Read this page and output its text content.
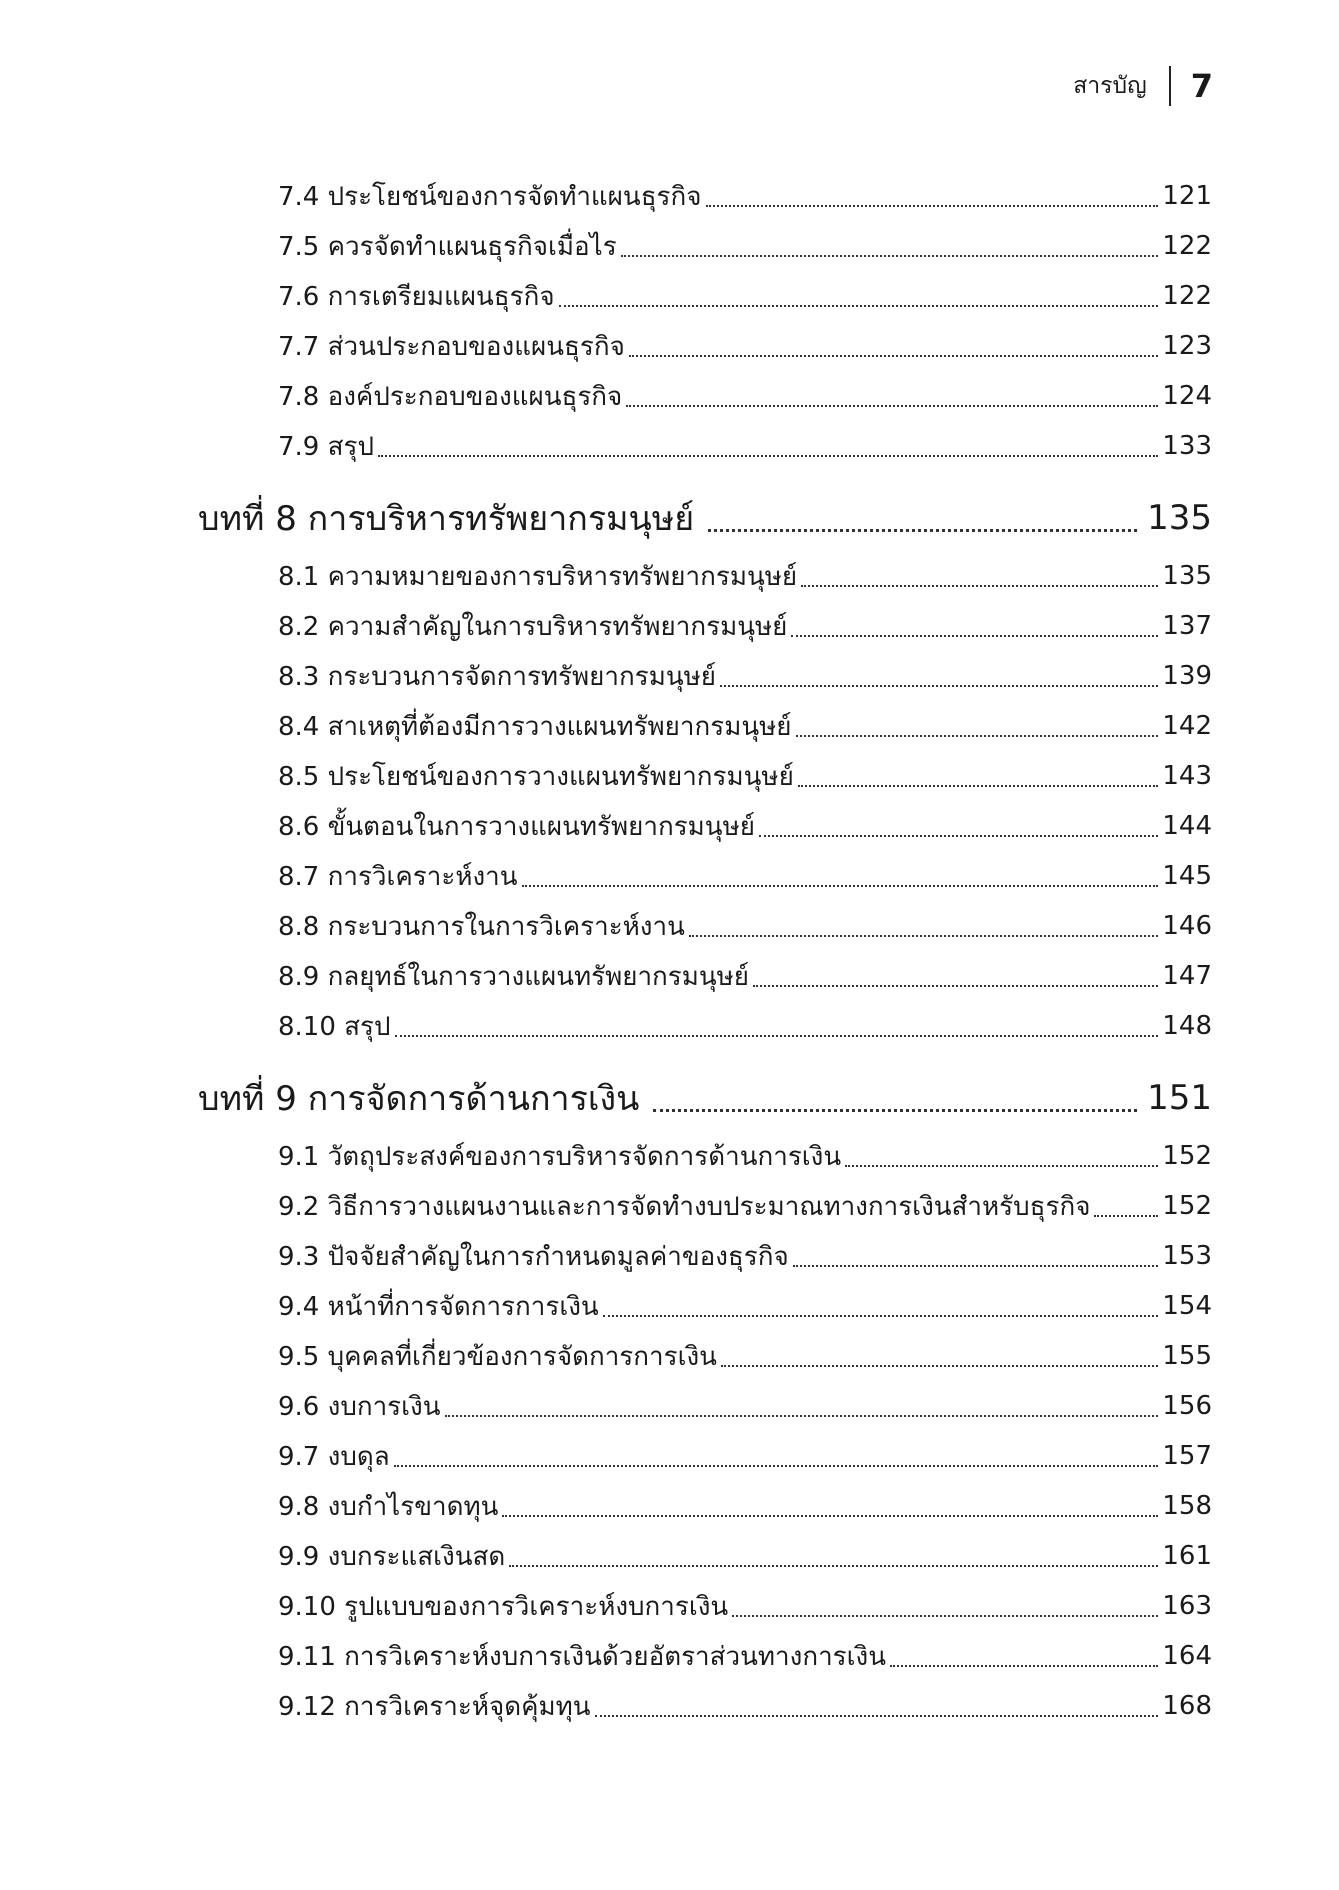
สารบัญ 7
7.4 ประโยชน์ของการจัดทำแผนธุรกิจ	121
7.5 ควรจัดทำแผนธุรกิจเมื่อไร	122
7.6 การเตรียมแผนธุรกิจ	122
7.7 ส่วนประกอบของแผนธุรกิจ	123
7.8 องค์ประกอบของแผนธุรกิจ	124
7.9 สรุป	133
บทที่ 8 การบริหารทรัพยากรมนุษย์	135
8.1 ความหมายของการบริหารทรัพยากรมนุษย์	135
8.2 ความสำคัญในการบริหารทรัพยากรมนุษย์	137
8.3 กระบวนการจัดการทรัพยากรมนุษย์	139
8.4 สาเหตุที่ต้องมีการวางแผนทรัพยากรมนุษย์	142
8.5 ประโยชน์ของการวางแผนทรัพยากรมนุษย์	143
8.6 ขั้นตอนในการวางแผนทรัพยากรมนุษย์	144
8.7 การวิเคราะห์งาน	145
8.8 กระบวนการในการวิเคราะห์งาน	146
8.9 กลยุทธ์ในการวางแผนทรัพยากรมนุษย์	147
8.10 สรุป	148
บทที่ 9 การจัดการด้านการเงิน	151
9.1 วัตถุประสงค์ของการบริหารจัดการด้านการเงิน	152
9.2 วิธีการวางแผนงานและการจัดทำงบประมาณทางการเงินสำหรับธุรกิจ	152
9.3 ปัจจัยสำคัญในการกำหนดมูลค่าของธุรกิจ	153
9.4 หน้าที่การจัดการการเงิน	154
9.5 บุคคลที่เกี่ยวข้องการจัดการการเงิน	155
9.6 งบการเงิน	156
9.7 งบดุล	157
9.8 งบกำไรขาดทุน	158
9.9 งบกระแสเงินสด	161
9.10 รูปแบบของการวิเคราะห์งบการเงิน	163
9.11 การวิเคราะห์งบการเงินด้วยอัตราส่วนทางการเงิน	164
9.12 การวิเคราะห์จุดคุ้มทุน	168
